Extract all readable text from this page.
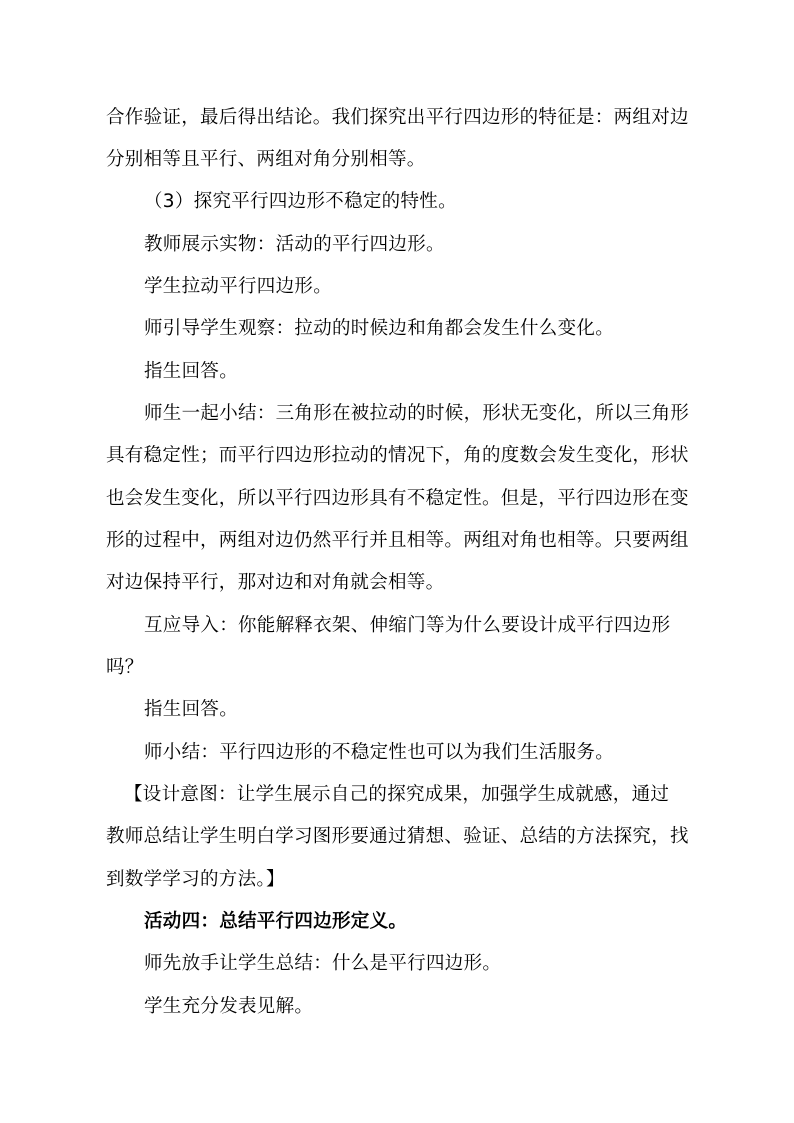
合作验证，最后得出结论。我们探究出平行四边形的特征是：两组对边
分别相等且平行、两组对角分别相等。
（3）探究平行四边形不稳定的特性。
教师展示实物：活动的平行四边形。
学生拉动平行四边形。
师引导学生观察：拉动的时候边和角都会发生什么变化。
指生回答。
师生一起小结：三角形在被拉动的时候，形状无变化，所以三角形
具有稳定性；而平行四边形拉动的情况下，角的度数会发生变化，形状
也会发生变化，所以平行四边形具有不稳定性。但是，平行四边形在变
形的过程中，两组对边仍然平行并且相等。两组对角也相等。只要两组
对边保持平行，那对边和对角就会相等。
互应导入：你能解释衣架、伸缩门等为什么要设计成平行四边形
吗？
指生回答。
师小结：平行四边形的不稳定性也可以为我们生活服务。
【设计意图：让学生展示自己的探究成果，加强学生成就感，通过
教师总结让学生明白学习图形要通过猜想、验证、总结的方法探究，找
到数学学习的方法。】
活动四：总结平行四边形定义。
师先放手让学生总结：什么是平行四边形。
学生充分发表见解。
